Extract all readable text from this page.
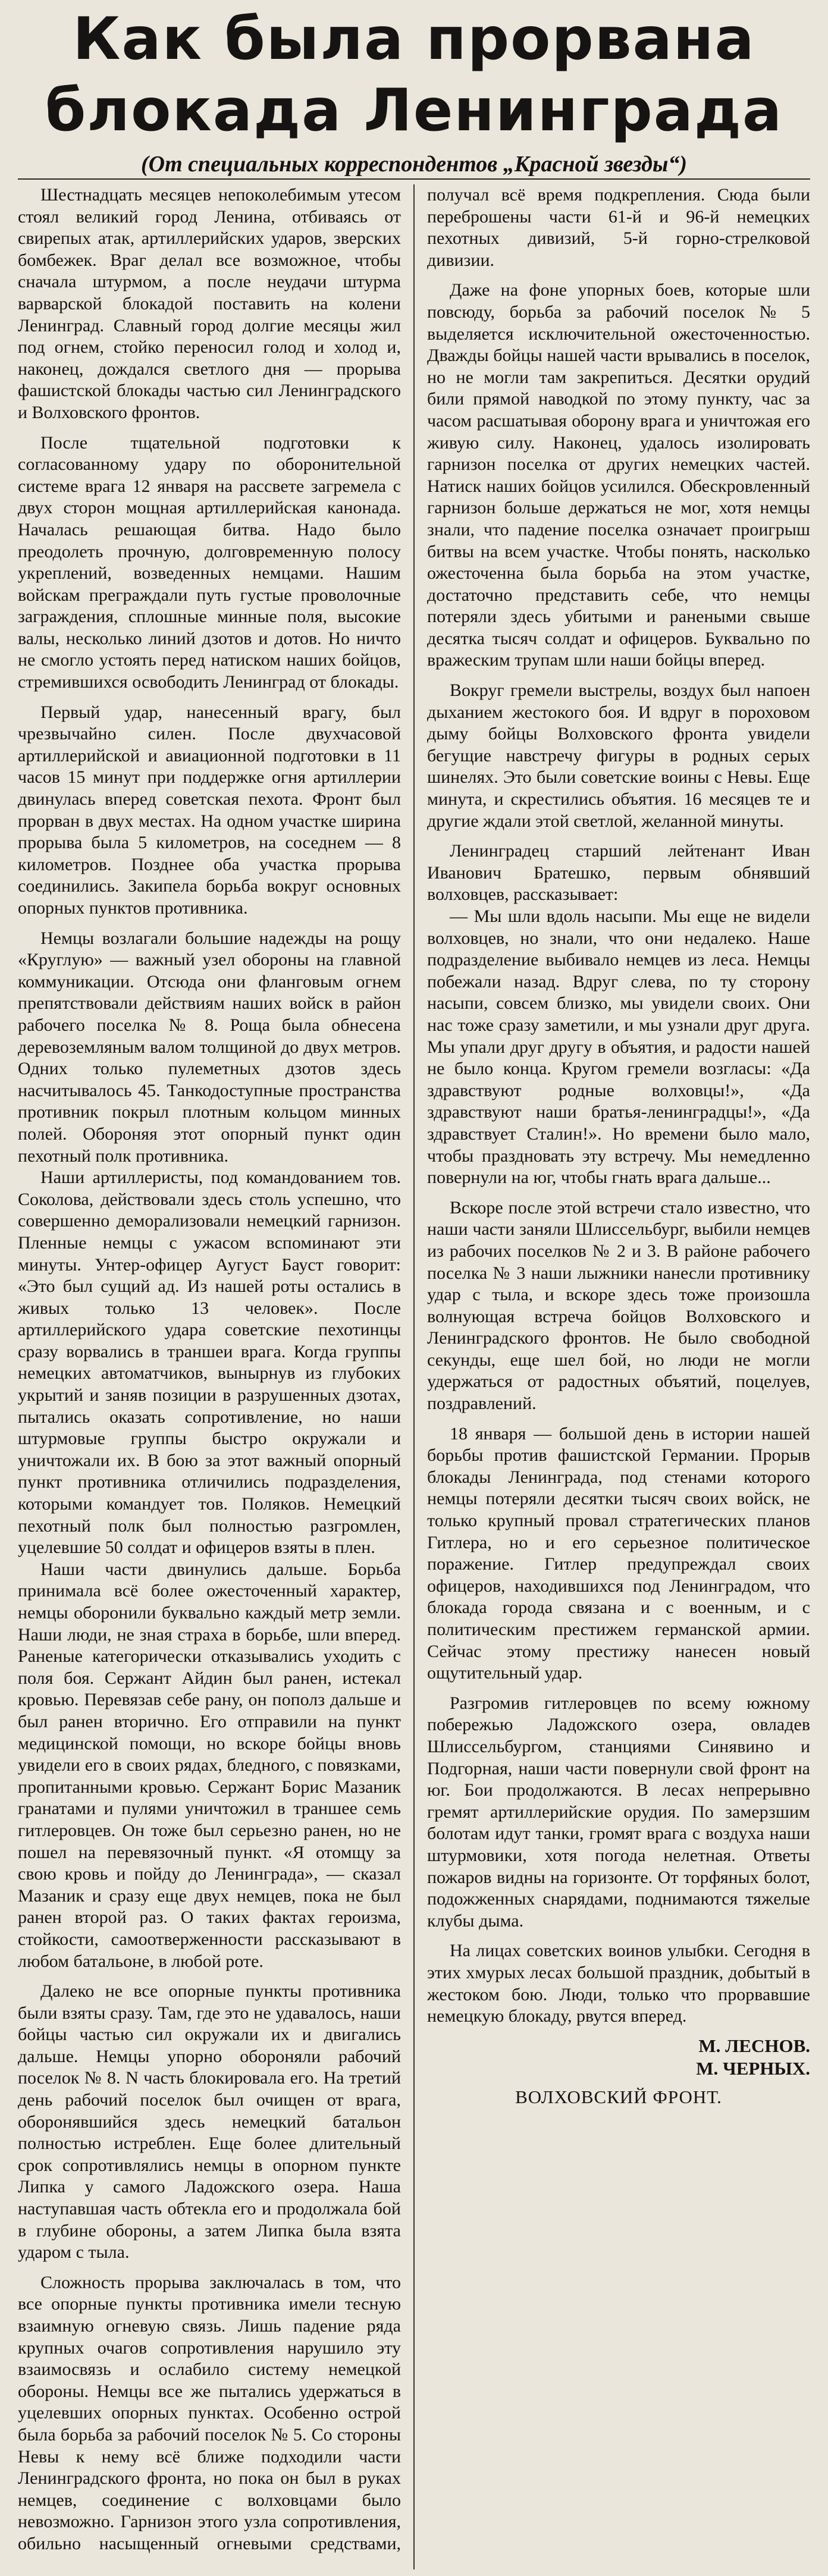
Как была прорвана блокада Ленинграда

(От специальных корреспондентов „Красной звезды“)

Шестнадцать месяцев непоколебимым утесом стоял великий город Ленина, отбиваясь от свирепых атак, артиллерийских ударов, зверских бомбежек. Враг делал все возможное, чтобы сначала штурмом, а после неудачи штурма варварской блокадой поставить на колени Ленинград. Славный город долгие месяцы жил под огнем, стойко переносил голод и холод и, наконец, дождался светлого дня — прорыва фашистской блокады частью сил Ленинградского и Волховского фронтов.

После тщательной подготовки к согласованному удару по оборонительной системе врага 12 января на рассвете загремела с двух сторон мощная артиллерийская канонада. Началась решающая битва. Надо было преодолеть прочную, долговременную полосу укреплений, возведенных немцами. Нашим войскам преграждали путь густые проволочные заграждения, сплошные минные поля, высокие валы, несколько линий дзотов и дотов. Но ничто не смогло устоять перед натиском наших бойцов, стремившихся освободить Ленинград от блокады.

Первый удар, нанесенный врагу, был чрезвычайно силен. После двухчасовой артиллерийской и авиационной подготовки в 11 часов 15 минут при поддержке огня артиллерии двинулась вперед советская пехота. Фронт был прорван в двух местах. На одном участке ширина прорыва была 5 километров, на соседнем — 8 километров. Позднее оба участка прорыва соединились. Закипела борьба вокруг основных опорных пунктов противника.

Немцы возлагали большие надежды на рощу «Круглую» — важный узел обороны на главной коммуникации. Отсюда они фланговым огнем препятствовали действиям наших войск в район рабочего поселка № 8. Роща была обнесена деревоземляным валом толщиной до двух метров. Одних только пулеметных дзотов здесь насчитывалось 45. Танкодоступные пространства противник покрыл плотным кольцом минных полей. Обороняя этот опорный пункт один пехотный полк противника.

Наши артиллеристы, под командованием тов. Соколова, действовали здесь столь успешно, что совершенно деморализовали немецкий гарнизон. Пленные немцы с ужасом вспоминают эти минуты. Унтер-офицер Аугуст Бауст говорит: «Это был сущий ад. Из нашей роты остались в живых только 13 человек». После артиллерийского удара советские пехотинцы сразу ворвались в траншеи врага. Когда группы немецких автоматчиков, вынырнув из глубоких укрытий и заняв позиции в разрушенных дзотах, пытались оказать сопротивление, но наши штурмовые группы быстро окружали и уничтожали их. В бою за этот важный опорный пункт противника отличились подразделения, которыми командует тов. Поляков. Немецкий пехотный полк был полностью разгромлен, уцелевшие 50 солдат и офицеров взяты в плен.

Наши части двинулись дальше. Борьба принимала всё более ожесточенный характер, немцы оборонили буквально каждый метр земли. Наши люди, не зная страха в борьбе, шли вперед. Раненые категорически отказывались уходить с поля боя. Сержант Айдин был ранен, истекал кровью. Перевязав себе рану, он пополз дальше и был ранен вторично. Его отправили на пункт медицинской помощи, но вскоре бойцы вновь увидели его в своих рядах, бледного, с повязками, пропитанными кровью. Сержант Борис Мазаник гранатами и пулями уничтожил в траншее семь гитлеровцев. Он тоже был серьезно ранен, но не пошел на перевязочный пункт. «Я отомщу за свою кровь и пойду до Ленинграда», — сказал Мазаник и сразу еще двух немцев, пока не был ранен второй раз. О таких фактах героизма, стойкости, самоотверженности рассказывают в любом батальоне, в любой роте.

Далеко не все опорные пункты противника были взяты сразу. Там, где это не удавалось, наши бойцы частью сил окружали их и двигались дальше. Немцы упорно обороняли рабочий поселок № 8. N часть блокировала его. На третий день рабочий поселок был очищен от врага, оборонявшийся здесь немецкий батальон полностью истреблен. Еще более длительный срок сопротивлялись немцы в опорном пункте Липка у самого Ладожского озера. Наша наступавшая часть обтекла его и продолжала бой в глубине обороны, а затем Липка была взята ударом с тыла.

Сложность прорыва заключалась в том, что все опорные пункты противника имели тесную взаимную огневую связь. Лишь падение ряда крупных очагов сопротивления нарушило эту взаимосвязь и ослабило систему немецкой обороны. Немцы все же пытались удержаться в уцелевших опорных пунктах. Особенно острой была борьба за рабочий поселок № 5. Со стороны Невы к нему всё ближе подходили части Ленинградского фронта, но пока он был в руках немцев, соединение с волховцами было невозможно. Гарнизон этого узла сопротивления, обильно насыщенный огневыми средствами, получал всё время подкрепления. Сюда были переброшены части 61-й и 96-й немецких пехотных дивизий, 5-й горно-стрелковой дивизии.

Даже на фоне упорных боев, которые шли повсюду, борьба за рабочий поселок № 5 выделяется исключительной ожесточенностью. Дважды бойцы нашей части врывались в поселок, но не могли там закрепиться. Десятки орудий били прямой наводкой по этому пункту, час за часом расшатывая оборону врага и уничтожая его живую силу. Наконец, удалось изолировать гарнизон поселка от других немецких частей. Натиск наших бойцов усилился. Обескровленный гарнизон больше держаться не мог, хотя немцы знали, что падение поселка означает проигрыш битвы на всем участке. Чтобы понять, насколько ожесточенна была борьба на этом участке, достаточно представить себе, что немцы потеряли здесь убитыми и ранеными свыше десятка тысяч солдат и офицеров. Буквально по вражеским трупам шли наши бойцы вперед.

Вокруг гремели выстрелы, воздух был напоен дыханием жестокого боя. И вдруг в пороховом дыму бойцы Волховского фронта увидели бегущие навстречу фигуры в родных серых шинелях. Это были советские воины с Невы. Еще минута, и скрестились объятия. 16 месяцев те и другие ждали этой светлой, желанной минуты.

Ленинградец старший лейтенант Иван Иванович Братешко, первым обнявший волховцев, рассказывает:

— Мы шли вдоль насыпи. Мы еще не видели волховцев, но знали, что они недалеко. Наше подразделение выбивало немцев из леса. Немцы побежали назад. Вдруг слева, по ту сторону насыпи, совсем близко, мы увидели своих. Они нас тоже сразу заметили, и мы узнали друг друга. Мы упали друг другу в объятия, и радости нашей не было конца. Кругом гремели возгласы: «Да здравствуют родные волховцы!», «Да здравствуют наши братья-ленинградцы!», «Да здравствует Сталин!». Но времени было мало, чтобы праздновать эту встречу. Мы немедленно повернули на юг, чтобы гнать врага дальше...

Вскоре после этой встречи стало известно, что наши части заняли Шлиссельбург, выбили немцев из рабочих поселков № 2 и 3. В районе рабочего поселка № 3 наши лыжники нанесли противнику удар с тыла, и вскоре здесь тоже произошла волнующая встреча бойцов Волховского и Ленинградского фронтов. Не было свободной секунды, еще шел бой, но люди не могли удержаться от радостных объятий, поцелуев, поздравлений.

18 января — большой день в истории нашей борьбы против фашистской Германии. Прорыв блокады Ленинграда, под стенами которого немцы потеряли десятки тысяч своих войск, не только крупный провал стратегических планов Гитлера, но и его серьезное политическое поражение. Гитлер предупреждал своих офицеров, находившихся под Ленинградом, что блокада города связана и с военным, и с политическим престижем германской армии. Сейчас этому престижу нанесен новый ощутительный удар.

Разгромив гитлеровцев по всему южному побережью Ладожского озера, овладев Шлиссельбургом, станциями Синявино и Подгорная, наши части повернули свой фронт на юг. Бои продолжаются. В лесах непрерывно гремят артиллерийские орудия. По замерзшим болотам идут танки, громят врага с воздуха наши штурмовики, хотя погода нелетная. Ответы пожаров видны на горизонте. От торфяных болот, подожженных снарядами, поднимаются тяжелые клубы дыма.

На лицах советских воинов улыбки. Сегодня в этих хмурых лесах большой праздник, добытый в жестоком бою. Люди, только что прорвавшие немецкую блокаду, рвутся вперед.

М. ЛЕСНОВ.
М. ЧЕРНЫХ.
ВОЛХОВСКИЙ ФРОНТ.
